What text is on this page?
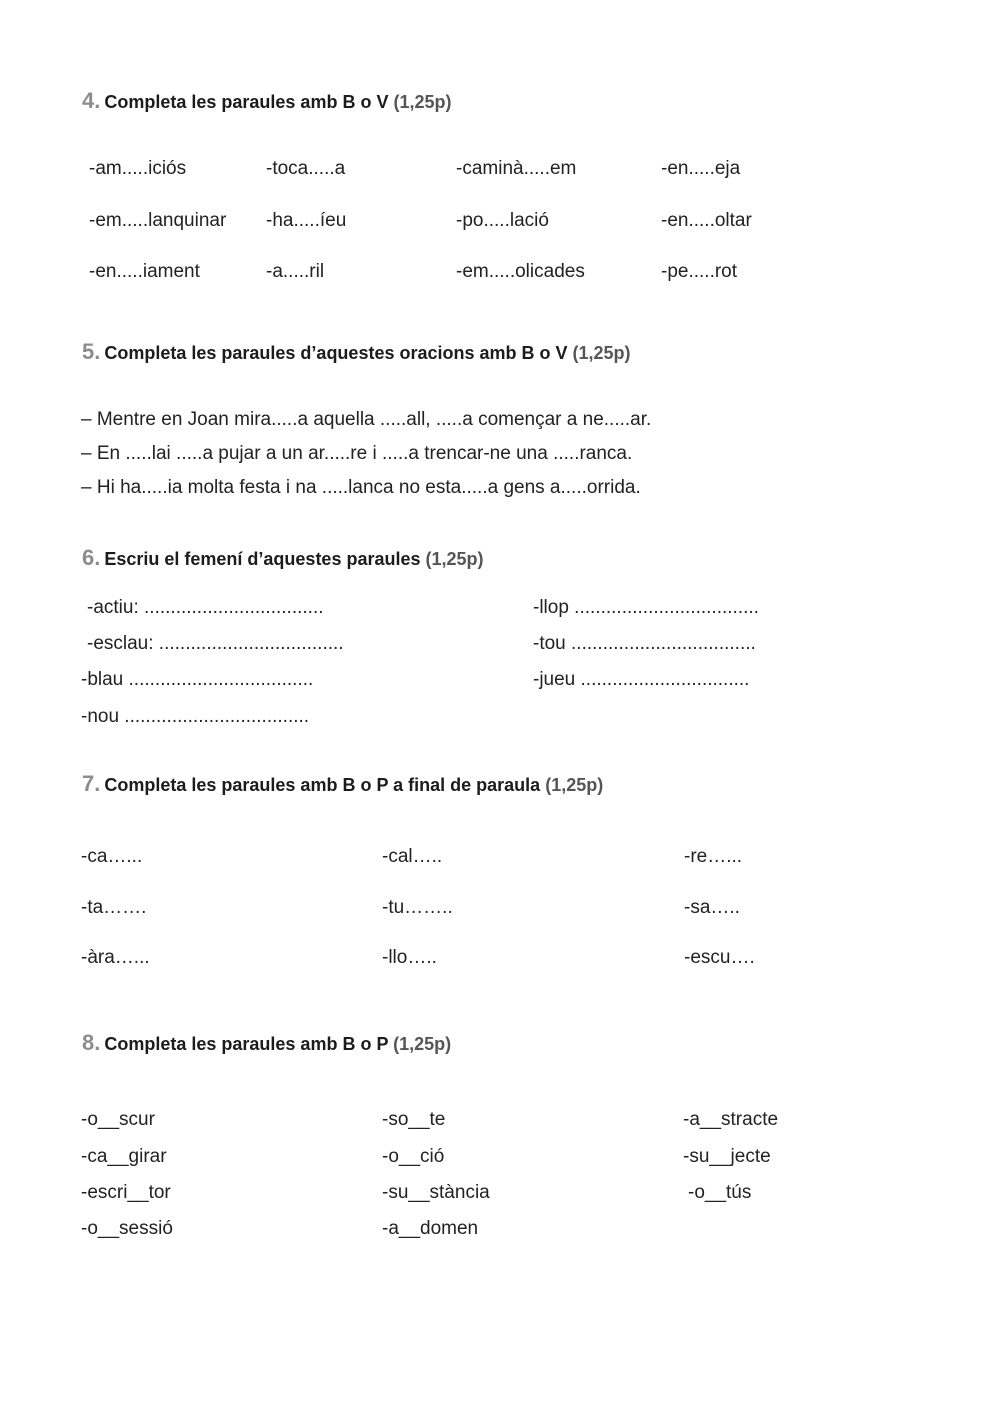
4. Completa les paraules amb B o V (1,25p)
-am.....iciós	-toca.....a	-caminà.....em	-en.....eja
-em.....lanquinar -ha.....íeu	-po.....lació	-en.....oltar
-en.....iament	-a.....ril	-em.....olicades	-pe.....rot
5. Completa les paraules d’aquestes oracions amb B o V (1,25p)
– Mentre en Joan mira.....a aquella .....all, .....a començar a ne.....ar.
– En .....lai .....a pujar a un ar.....re i .....a trencar-ne una .....ranca.
– Hi ha.....ia molta festa i na .....lanca no esta.....a gens a.....orrida.
6. Escriu el femení d’aquestes paraules (1,25p)
-actiu: ..................................	-llop ...................................
-esclau: ...................................	-tou ...................................
-blau ...................................	-jueu ................................
-nou ...................................
7. Completa les paraules amb B o P a final de paraula (1,25p)
-ca…...	-cal…..	-re…...
-ta…….	-tu……..	-sa…..
-àra…...	-llo…..	-escu….
8. Completa les paraules amb B o P (1,25p)
-o__scur	-so__te	-a__stracte
-ca__girar	-o__ció	-su__jecte
-escri__tor	-su__stància	-o__tús
-o__sessió	-a__domen
